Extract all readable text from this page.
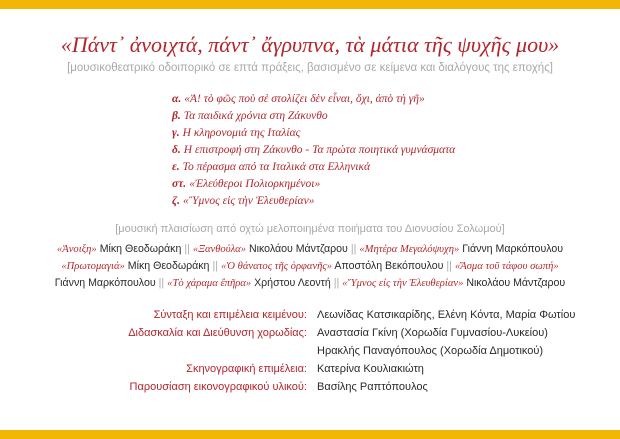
«Πάντ᾽ ἀνοιχτά, πάντ᾽ ἄγρυπνα, τὰ μάτια τῆς ψυχῆς μου»
[μουσικοθεατρικό οδοιπορικό σε επτά πράξεις, βασισμένο σε κείμενα και διαλόγους της εποχής]
α. «Ἀ! τὸ φῶς ποὺ σὲ στολίζει δὲν εἶναι, ὄχι, ἀπὸ τὴ γῆ»
β. Τα παιδικά χρόνια στη Ζάκυνθο
γ. Η κληρονομιά της Ιταλίας
δ. Η επιστροφή στη Ζάκυνθο - Τα πρώτα ποιητικά γυμνάσματα
ε. Το πέρασμα από τα Ιταλικά στα Ελληνικά
στ. «Ἐλεύθεροι Πολιορκημένοι»
ζ. «Ὕμνος εἰς τὴν Ἐλευθερίαν»
[μουσική πλαισίωση από οχτώ μελοποιημένα ποιήματα του Διονυσίου Σολωμού]
«Ἀνοιξη» Μίκη Θεοδωράκη || «Ξανθούλα» Νικολάου Μάντζαρου || «Μητέρα Μεγαλόψυχη» Γιάννη Μαρκόπουλου
«Πρωτομαγιά» Μίκη Θεοδωράκη || «Ὁ θάνατος τῆς ὀρφανῆς» Αποστόλη Βεκόπουλου || «Ἄσμα τοῦ τάφου σωπή»
Γιάννη Μαρκόπουλου || «Τὸ χάραμα ἔπῆρα» Χρήστου Λεοντή || «Ὕμνος εἰς τὴν Ἐλευθερίαν» Νικολάου Μάντζαρου
Σύνταξη και επιμέλεια κειμένου: Λεωνίδας Κατσικαρίδης, Ελένη Κόντα, Μαρία Φωτίου
Διδασκαλία και Διεύθυνση χορωδίας: Αναστασία Γκίνη (Χορωδία Γυμνασίου-Λυκείου)
Ηρακλής Παναγόπουλος (Χορωδία Δημοτικού)
Σκηνογραφική επιμέλεια: Κατερίνα Κουλιακιώτη
Παρουσίαση εικονογραφικού υλικού: Βασίλης Ραπτόπουλος
